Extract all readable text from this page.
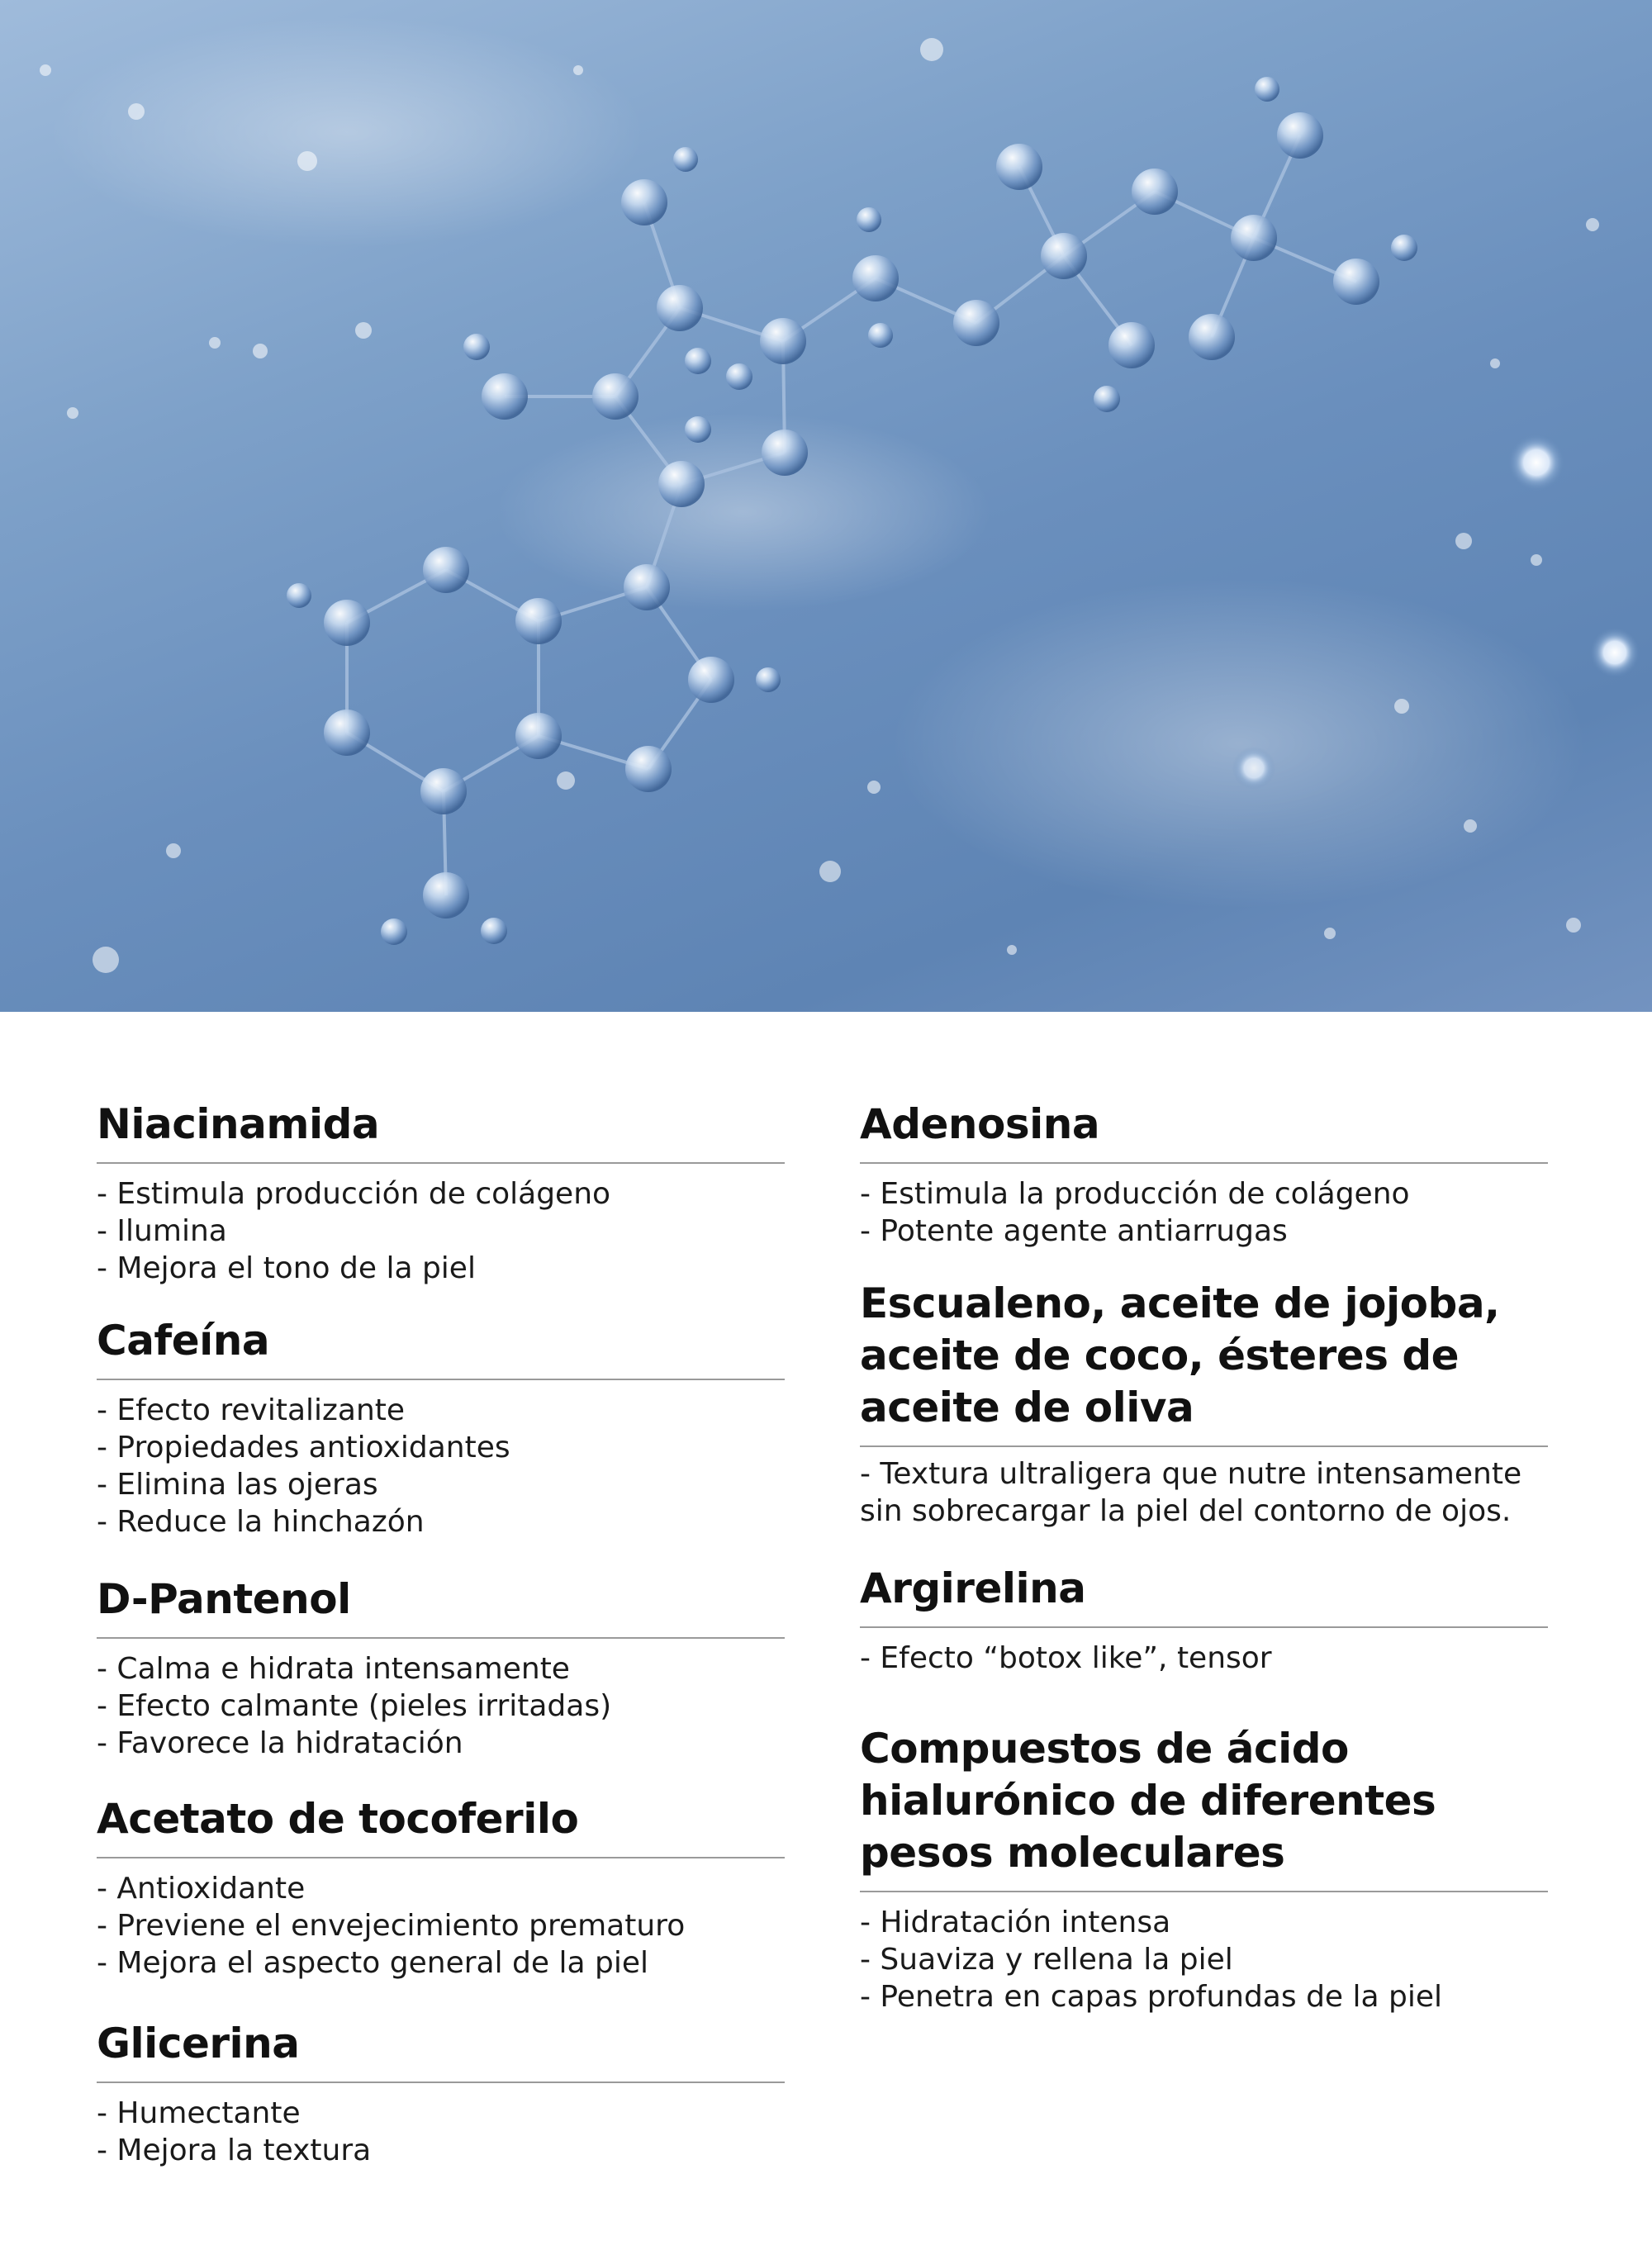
Niacinamida
- Estimula producción de colágeno
- Ilumina
- Mejora el tono de la piel
Cafeína
- Efecto revitalizante
- Propiedades antioxidantes
- Elimina las ojeras
- Reduce la hinchazón
D-Pantenol
- Calma e hidrata intensamente
- Efecto calmante (pieles irritadas)
- Favorece la hidratación
Acetato de tocoferilo
- Antioxidante
- Previene el envejecimiento prematuro
- Mejora el aspecto general de la piel
Glicerina
- Humectante
- Mejora la textura
Adenosina
- Estimula la producción de colágeno
- Potente agente antiarrugas
Escualeno, aceite de jojoba,
aceite de coco, ésteres de
aceite de oliva

- Textura ultraligera que nutre intensamente sin sobrecargar la piel del contorno de ojos.

Argirelina
- Efecto “botox like”, tensor
Compuestos de ácido
hialurónico de diferentes
pesos moleculares
- Hidratación intensa
- Suaviza y rellena la piel
- Penetra en capas profundas de la piel
